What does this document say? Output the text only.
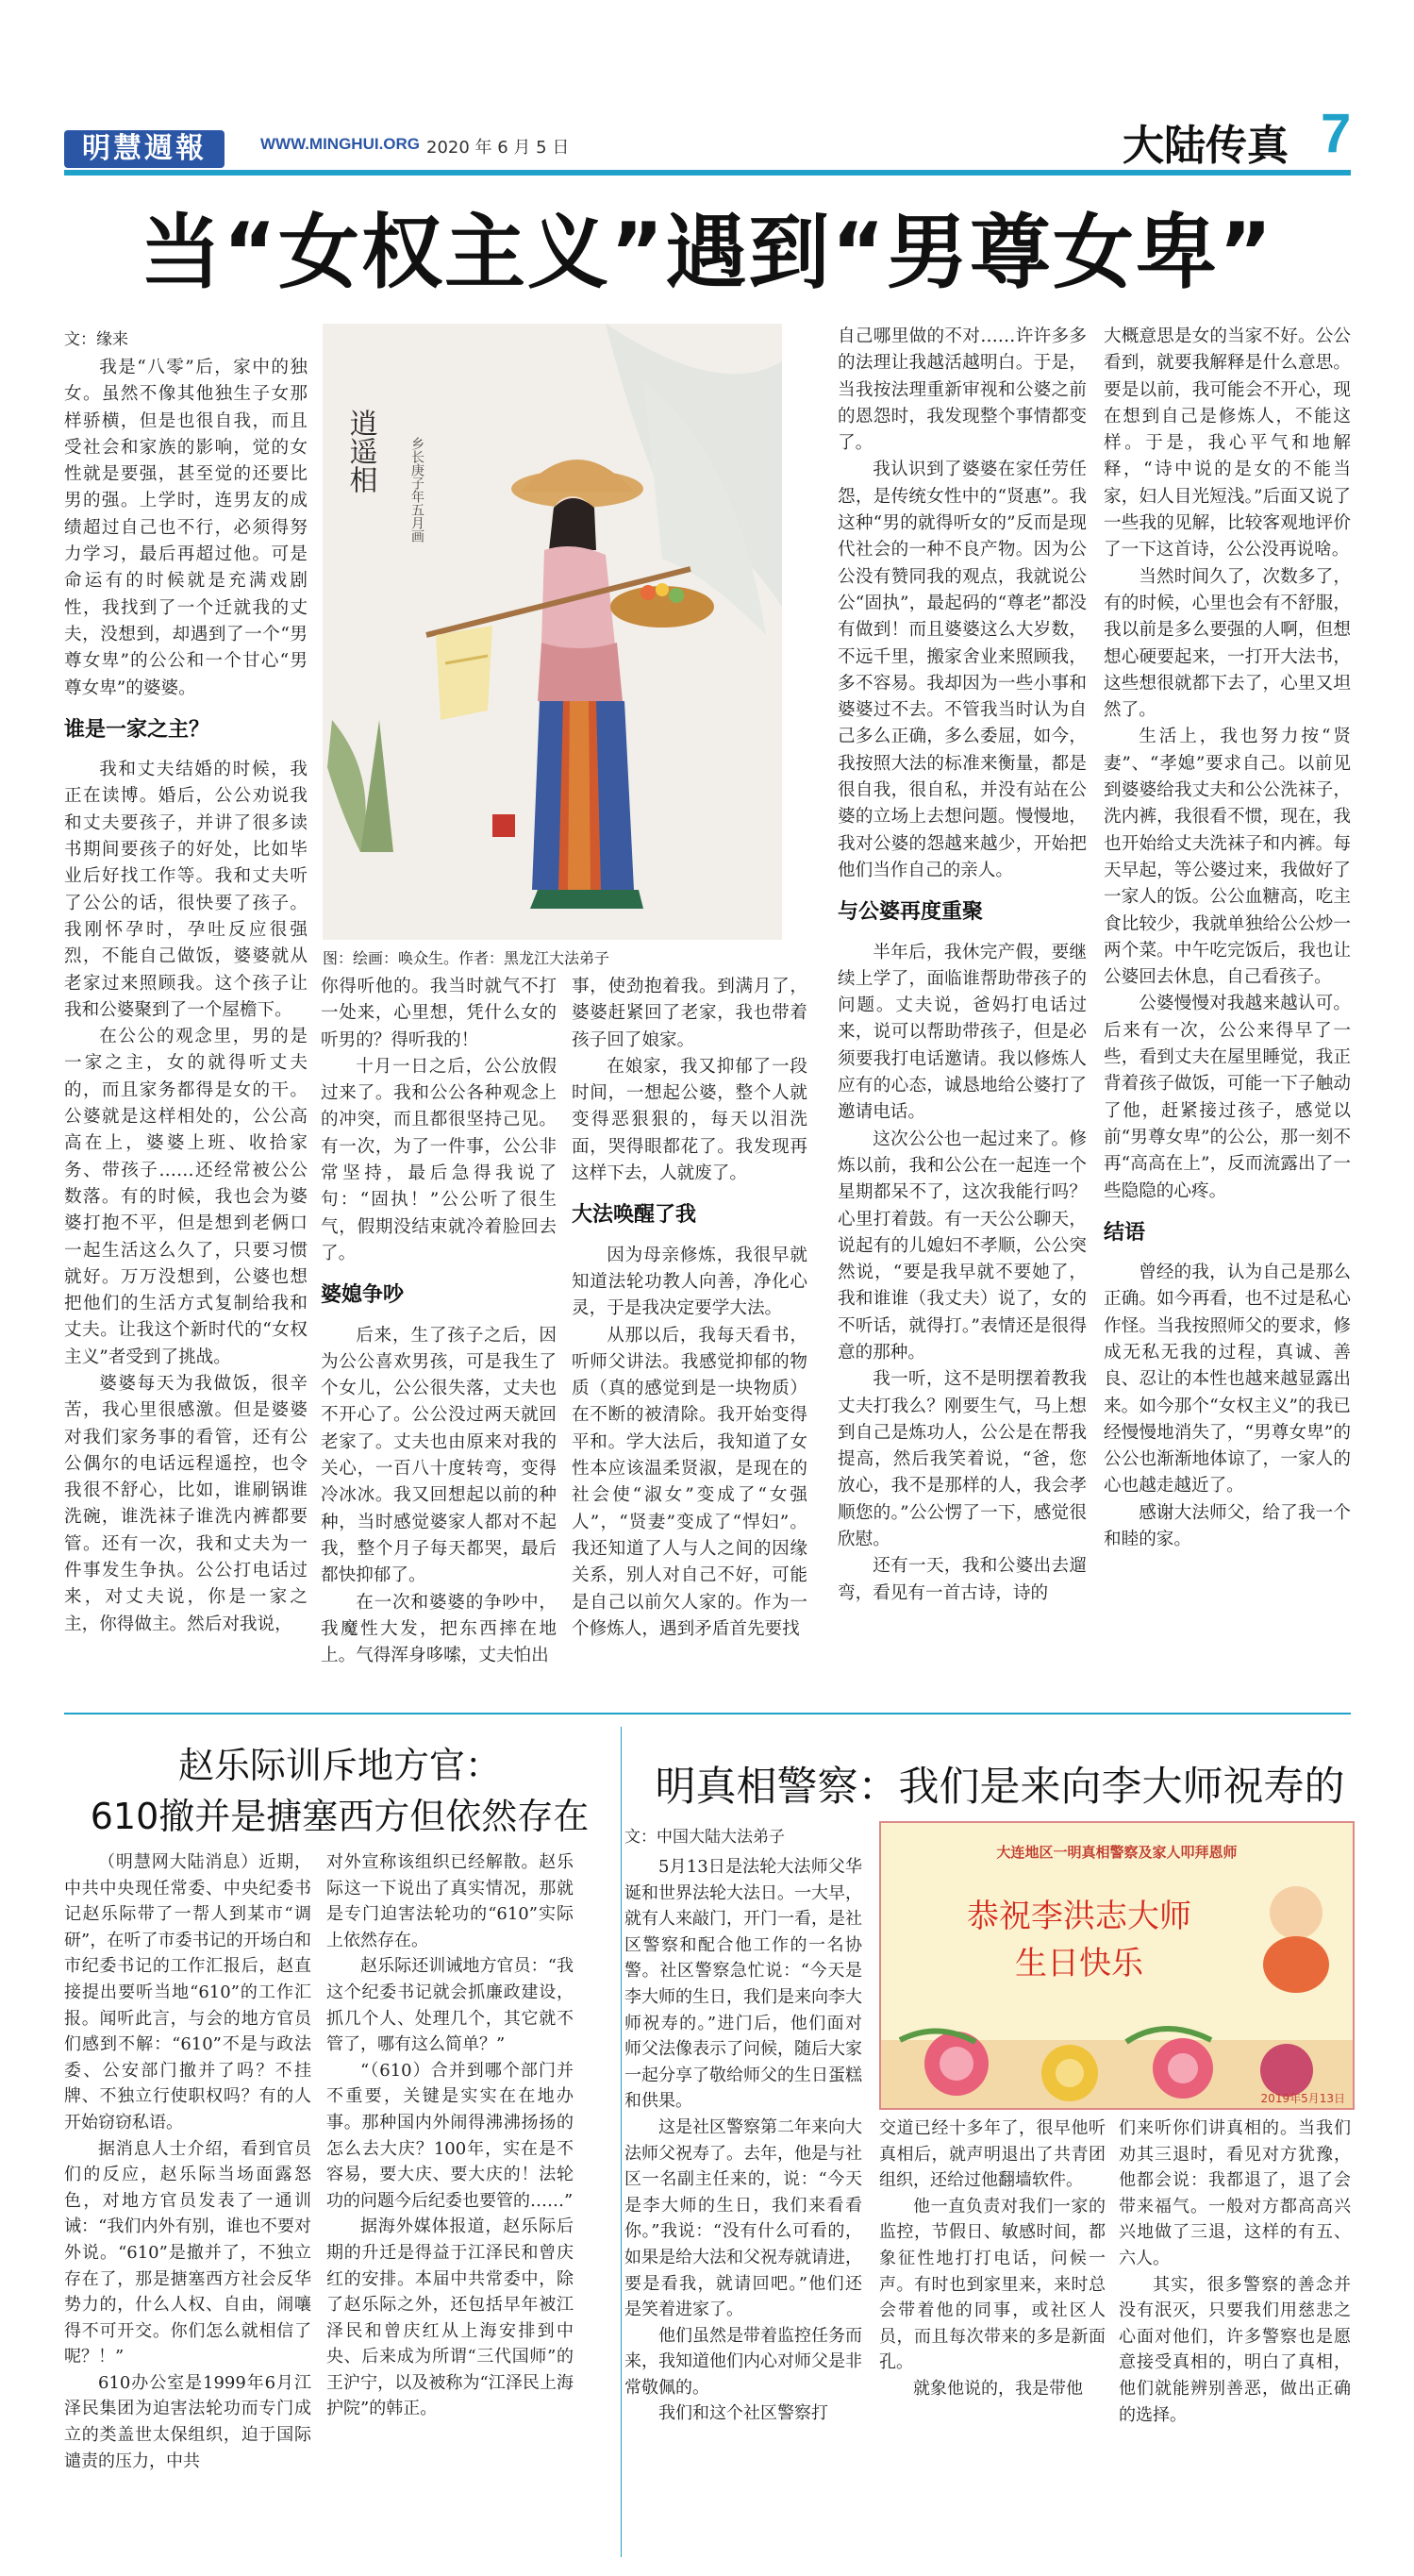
明慧週報	WWW.MINGHUI.ORG 2020 年 6 月 5 日	大陆传真 7
当“女权主义”遇到“男尊女卑”
文：缘来

我是“八零”后，家中的独女。虽然不像其他独生子女那样骄横，但是也很自我，而且受社会和家族的影响，觉的女性就是要强，甚至觉的还要比男的强。上学时，连男友的成绩超过自己也不行，必须得努力学习，最后再超过他。可是命运有的时候就是充满戏剧性，我找到了一个迁就我的丈夫，没想到，却遇到了一个“男尊女卑”的公公和一个甘心“男尊女卑”的婆婆。

谁是一家之主？

我和丈夫结婚的时候，我正在读博。婚后，公公劝说我和丈夫要孩子，并讲了很多读书期间要孩子的好处，比如毕业后好找工作等。我和丈夫听了公公的话，很快要了孩子。我刚怀孕时，孕吐反应很强烈，不能自己做饭，婆婆就从老家过来照顾我。这个孩子让我和公婆聚到了一个屋檐下。

在公公的观念里，男的是一家之主，女的就得听丈夫的，而且家务都得是女的干。公婆就是这样相处的，公公高高在上，婆婆上班、收拾家务、带孩子……还经常被公公数落。有的时候，我也会为婆婆打抱不平，但是想到老俩口一起生活这么久了，只要习惯就好。万万没想到，公婆也想把他们的生活方式复制给我和丈夫。让我这个新时代的“女权主义”者受到了挑战。

婆婆每天为我做饭，很辛苦，我心里很感激。但是婆婆对我们家务事的看管，还有公公偶尔的电话远程遥控，也令我很不舒心，比如，谁刷锅谁洗碗，谁洗袜子谁洗内裤都要管。还有一次，我和丈夫为一件事发生争执。公公打电话过来，对丈夫说，你是一家之主，你得做主。然后对我说，

逍遥相 乡长庚子年五月画
图：绘画：唤众生。作者：黑龙江大法弟子

你得听他的。我当时就气不打一处来，心里想，凭什么女的听男的？得听我的！

十月一日之后，公公放假过来了。我和公公各种观念上的冲突，而且都很坚持己见。有一次，为了一件事，公公非常坚持，最后急得我说了句：“固执！”公公听了很生气，假期没结束就冷着脸回去了。

婆媳争吵

后来，生了孩子之后，因为公公喜欢男孩，可是我生了个女儿，公公很失落，丈夫也不开心了。公公没过两天就回老家了。丈夫也由原来对我的关心，一百八十度转弯，变得冷冰冰。我又回想起以前的种种，当时感觉婆家人都对不起我，整个月子每天都哭，最后都快抑郁了。

在一次和婆婆的争吵中，我魔性大发，把东西摔在地上。气得浑身哆嗦，丈夫怕出

事，使劲抱着我。到满月了，婆婆赶紧回了老家，我也带着孩子回了娘家。

在娘家，我又抑郁了一段时间，一想起公婆，整个人就变得恶狠狠的，每天以泪洗面，哭得眼都花了。我发现再这样下去，人就废了。

大法唤醒了我

因为母亲修炼，我很早就知道法轮功教人向善，净化心灵，于是我决定要学大法。

从那以后，我每天看书，听师父讲法。我感觉抑郁的物质（真的感觉到是一块物质）在不断的被清除。我开始变得平和。学大法后，我知道了女性本应该温柔贤淑，是现在的社会使“淑女”变成了“女强人”，“贤妻”变成了“悍妇”。我还知道了人与人之间的因缘关系，别人对自己不好，可能是自己以前欠人家的。作为一个修炼人，遇到矛盾首先要找

自己哪里做的不对……许许多多的法理让我越活越明白。于是，当我按法理重新审视和公婆之前的恩怨时，我发现整个事情都变了。

我认识到了婆婆在家任劳任怨，是传统女性中的“贤惠”。我这种“男的就得听女的”反而是现代社会的一种不良产物。因为公公没有赞同我的观点，我就说公公“固执”，最起码的“尊老”都没有做到！而且婆婆这么大岁数，不远千里，搬家舍业来照顾我，多不容易。我却因为一些小事和婆婆过不去。不管我当时认为自己多么正确，多么委屈，如今，我按照大法的标准来衡量，都是很自我，很自私，并没有站在公婆的立场上去想问题。慢慢地，我对公婆的怨越来越少，开始把他们当作自己的亲人。

与公婆再度重聚

半年后，我休完产假，要继续上学了，面临谁帮助带孩子的问题。丈夫说，爸妈打电话过来，说可以帮助带孩子，但是必须要我打电话邀请。我以修炼人应有的心态，诚恳地给公婆打了邀请电话。

这次公公也一起过来了。修炼以前，我和公公在一起连一个星期都呆不了，这次我能行吗？心里打着鼓。有一天公公聊天，说起有的儿媳妇不孝顺，公公突然说，“要是我早就不要她了，我和谁谁（我丈夫）说了，女的不听话，就得打。”表情还是很得意的那种。

我一听，这不是明摆着教我丈夫打我么？刚要生气，马上想到自己是炼功人，公公是在帮我提高，然后我笑着说，“爸，您放心，我不是那样的人，我会孝顺您的。”公公愣了一下，感觉很欣慰。

还有一天，我和公婆出去遛弯，看见有一首古诗，诗的

大概意思是女的当家不好。公公看到，就要我解释是什么意思。要是以前，我可能会不开心，现在想到自己是修炼人，不能这样。于是，我心平气和地解释，“诗中说的是女的不能当家，妇人目光短浅。”后面又说了一些我的见解，比较客观地评价了一下这首诗，公公没再说啥。

当然时间久了，次数多了，有的时候，心里也会有不舒服，我以前是多么要强的人啊，但想想心硬要起来，一打开大法书，这些想很就都下去了，心里又坦然了。

生活上，我也努力按“贤妻”、“孝媳”要求自己。以前见到婆婆给我丈夫和公公洗袜子，洗内裤，我很看不惯，现在，我也开始给丈夫洗袜子和内裤。每天早起，等公婆过来，我做好了一家人的饭。公公血糖高，吃主食比较少，我就单独给公公炒一两个菜。中午吃完饭后，我也让公婆回去休息，自己看孩子。

公婆慢慢对我越来越认可。后来有一次，公公来得早了一些，看到丈夫在屋里睡觉，我正背着孩子做饭，可能一下子触动了他，赶紧接过孩子，感觉以前“男尊女卑”的公公，那一刻不再“高高在上”，反而流露出了一些隐隐的心疼。

结语

曾经的我，认为自己是那么正确。如今再看，也不过是私心作怪。当我按照师父的要求，修成无私无我的过程，真诚、善良、忍让的本性也越来越显露出来。如今那个“女权主义”的我已经慢慢地消失了，“男尊女卑”的公公也渐渐地体谅了，一家人的心也越走越近了。

感谢大法师父，给了我一个和睦的家。

赵乐际训斥地方官：
610撤并是搪塞西方但依然存在

（明慧网大陆消息）近期，中共中央现任常委、中央纪委书记赵乐际带了一帮人到某市“调研”，在听了市委书记的开场白和市纪委书记的工作汇报后，赵直接提出要听当地“610”的工作汇报。闻听此言，与会的地方官员们感到不解：“610”不是与政法委、公安部门撤并了吗？不挂牌、不独立行使职权吗？有的人开始窃窃私语。

据消息人士介绍，看到官员们的反应，赵乐际当场面露怒色，对地方官员发表了一通训诫：“我们内外有别，谁也不要对外说。“610”是撤并了，不独立存在了，那是搪塞西方社会反华势力的，什么人权、自由，闹嚷得不可开交。你们怎么就相信了呢？！”

610办公室是1999年6月江泽民集团为迫害法轮功而专门成立的类盖世太保组织，迫于国际谴责的压力，中共

对外宣称该组织已经解散。赵乐际这一下说出了真实情况，那就是专门迫害法轮功的“610”实际上依然存在。

赵乐际还训诫地方官员：“我这个纪委书记就会抓廉政建设，抓几个人、处理几个，其它就不管了，哪有这么简单？”

“（610）合并到哪个部门并不重要，关键是实实在在地办事。那种国内外闹得沸沸扬扬的怎么去大庆？100年，实在是不容易，要大庆、要大庆的！法轮功的问题今后纪委也要管的……”

据海外媒体报道，赵乐际后期的升迁是得益于江泽民和曾庆红的安排。本届中共常委中，除了赵乐际之外，还包括早年被江泽民和曾庆红从上海安排到中央、后来成为所谓“三代国师”的王沪宁，以及被称为“江泽民上海护院”的韩正。

明真相警察：我们是来向李大师祝寿的
文：中国大陆大法弟子

5月13日是法轮大法师父华诞和世界法轮大法日。一大早，就有人来敲门，开门一看，是社区警察和配合他工作的一名协警。社区警察急忙说：“今天是李大师的生日，我们是来向李大师祝寿的。”进门后，他们面对师父法像表示了问候，随后大家一起分享了敬给师父的生日蛋糕和供果。

这是社区警察第二年来向大法师父祝寿了。去年，他是与社区一名副主任来的，说：“今天是李大师的生日，我们来看看你。”我说：“没有什么可看的，如果是给大法和父祝寿就请进，要是看我，就请回吧。”他们还是笑着进家了。

他们虽然是带着监控任务而来，我知道他们内心对师父是非常敬佩的。

我们和这个社区警察打

大连地区一明真相警察及家人叩拜恩师
恭祝李洪志大师
生日快乐
2019年5月13日

交道已经十多年了，很早他听真相后，就声明退出了共青团组织，还给过他翻墙软件。

他一直负责对我们一家的监控，节假日、敏感时间，都象征性地打打电话，问候一声。有时也到家里来，来时总会带着他的同事，或社区人员，而且每次带来的多是新面孔。

就象他说的，我是带他

们来听你们讲真相的。当我们劝其三退时，看见对方犹豫，他都会说：我都退了，退了会带来福气。一般对方都高高兴兴地做了三退，这样的有五、六人。

其实，很多警察的善念并没有泯灭，只要我们用慈悲之心面对他们，许多警察也是愿意接受真相的，明白了真相，他们就能辨别善恶，做出正确的选择。
